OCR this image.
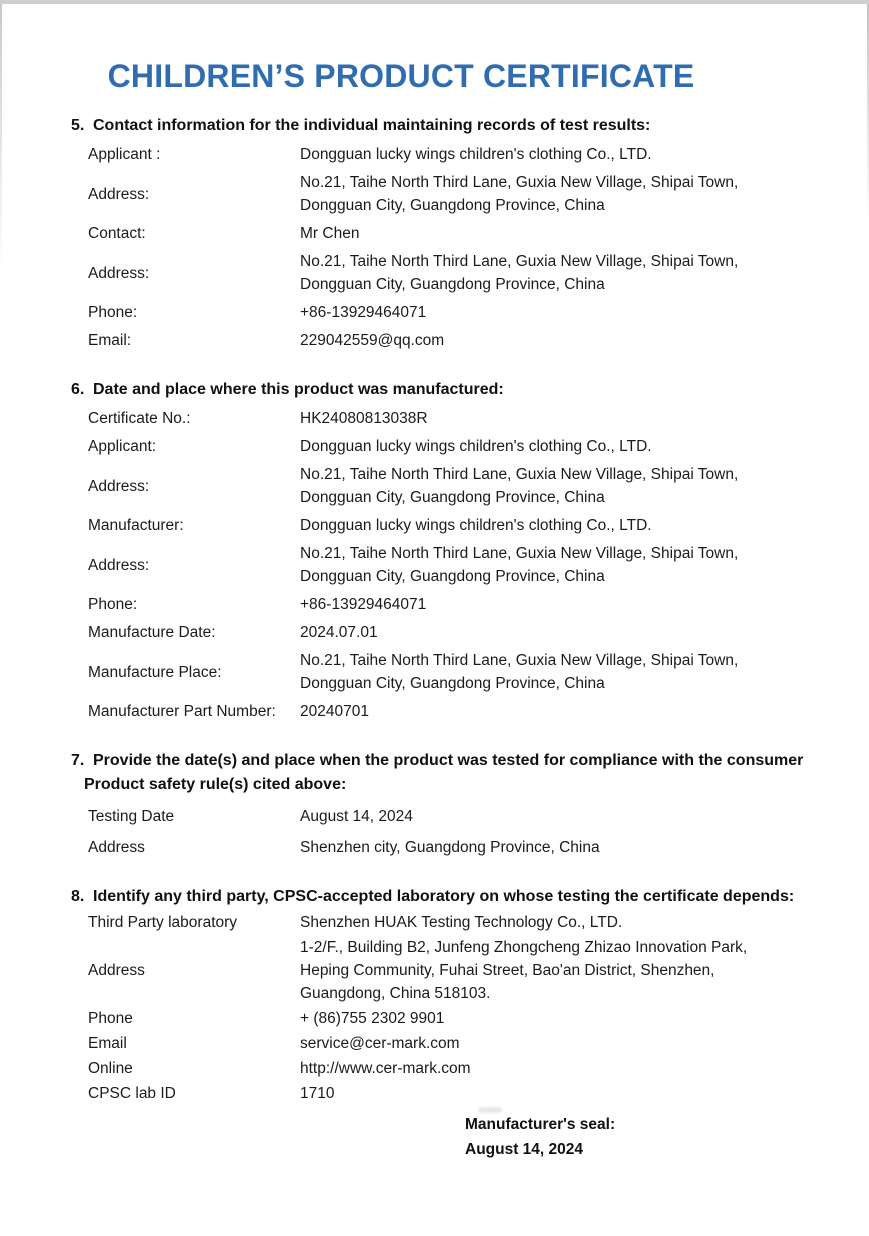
CHILDREN’S PRODUCT CERTIFICATE
5. Contact information for the individual maintaining records of test results:
Applicant :	Dongguan lucky wings children's clothing Co., LTD.
Address:
No.21, Taihe North Third Lane, Guxia New Village, Shipai Town,
Dongguan City, Guangdong Province, China
Contact:	Mr Chen
Address:
No.21, Taihe North Third Lane, Guxia New Village, Shipai Town,
Dongguan City, Guangdong Province, China
Phone:	+86-13929464071
Email:	229042559@qq.com
6. Date and place where this product was manufactured:
Certificate No.:	HK24080813038R
Applicant:	Dongguan lucky wings children's clothing Co., LTD.
Address:
No.21, Taihe North Third Lane, Guxia New Village, Shipai Town,
Dongguan City, Guangdong Province, China
Manufacturer:	Dongguan lucky wings children's clothing Co., LTD.
Address:
No.21, Taihe North Third Lane, Guxia New Village, Shipai Town,
Dongguan City, Guangdong Province, China
Phone:	+86-13929464071
Manufacture Date:	2024.07.01
Manufacture Place:
No.21, Taihe North Third Lane, Guxia New Village, Shipai Town,
Dongguan City, Guangdong Province, China
Manufacturer Part Number:	20240701
7. Provide the date(s) and place when the product was tested for compliance with the consumer
Product safety rule(s) cited above:
Testing Date	August 14, 2024
Address	Shenzhen city, Guangdong Province, China
8. Identify any third party, CPSC-accepted laboratory on whose testing the certificate depends:
Third Party laboratory	Shenzhen HUAK Testing Technology Co., LTD.
Address
1-2/F., Building B2, Junfeng Zhongcheng Zhizao Innovation Park,
Heping Community, Fuhai Street, Bao'an District, Shenzhen,
Guangdong, China 518103.
Phone	+ (86)755 2302 9901
Email	service@cer-mark.com
Online	http://www.cer-mark.com
CPSC lab ID	1710
Manufacturer's seal:
August 14, 2024
